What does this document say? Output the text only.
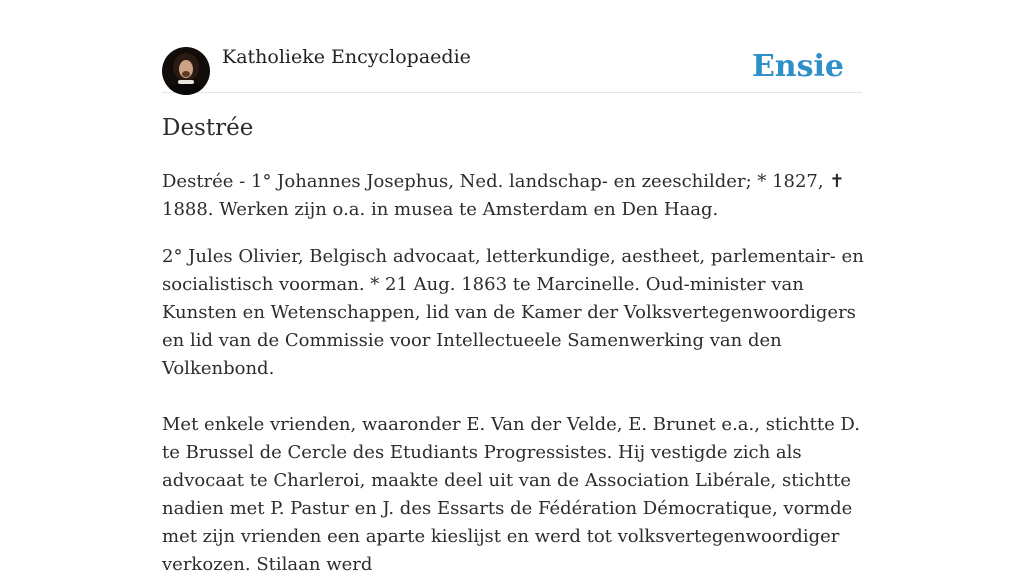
Katholieke Encyclopaedie	Ensie
Destrée

Destrée - 1° Johannes Josephus, Ned. landschap- en zeeschilder; * 1827, ✝ 1888. Werken zijn o.a. in musea te Amsterdam en Den Haag.

2° Jules Olivier, Belgisch advocaat, letterkundige, aestheet, parlementair- en socialistisch voorman. * 21 Aug. 1863 te Marcinelle. Oud-minister van Kunsten en Wetenschappen, lid van de Kamer der Volksvertegenwoordigers en lid van de Commissie voor Intellectueele Samenwerking van den Volkenbond.

Met enkele vrienden, waaronder E. Van der Velde, E. Brunet e.a., stichtte D. te Brussel de Cercle des Etudiants Progressistes. Hij vestigde zich als advocaat te Charleroi, maakte deel uit van de Association Libérale, stichtte nadien met P. Pastur en J. des Essarts de Fédération Démocratique, vormde met zijn vrienden een aparte kieslijst en werd tot volksvertegenwoordiger verkozen. Stilaan werd
